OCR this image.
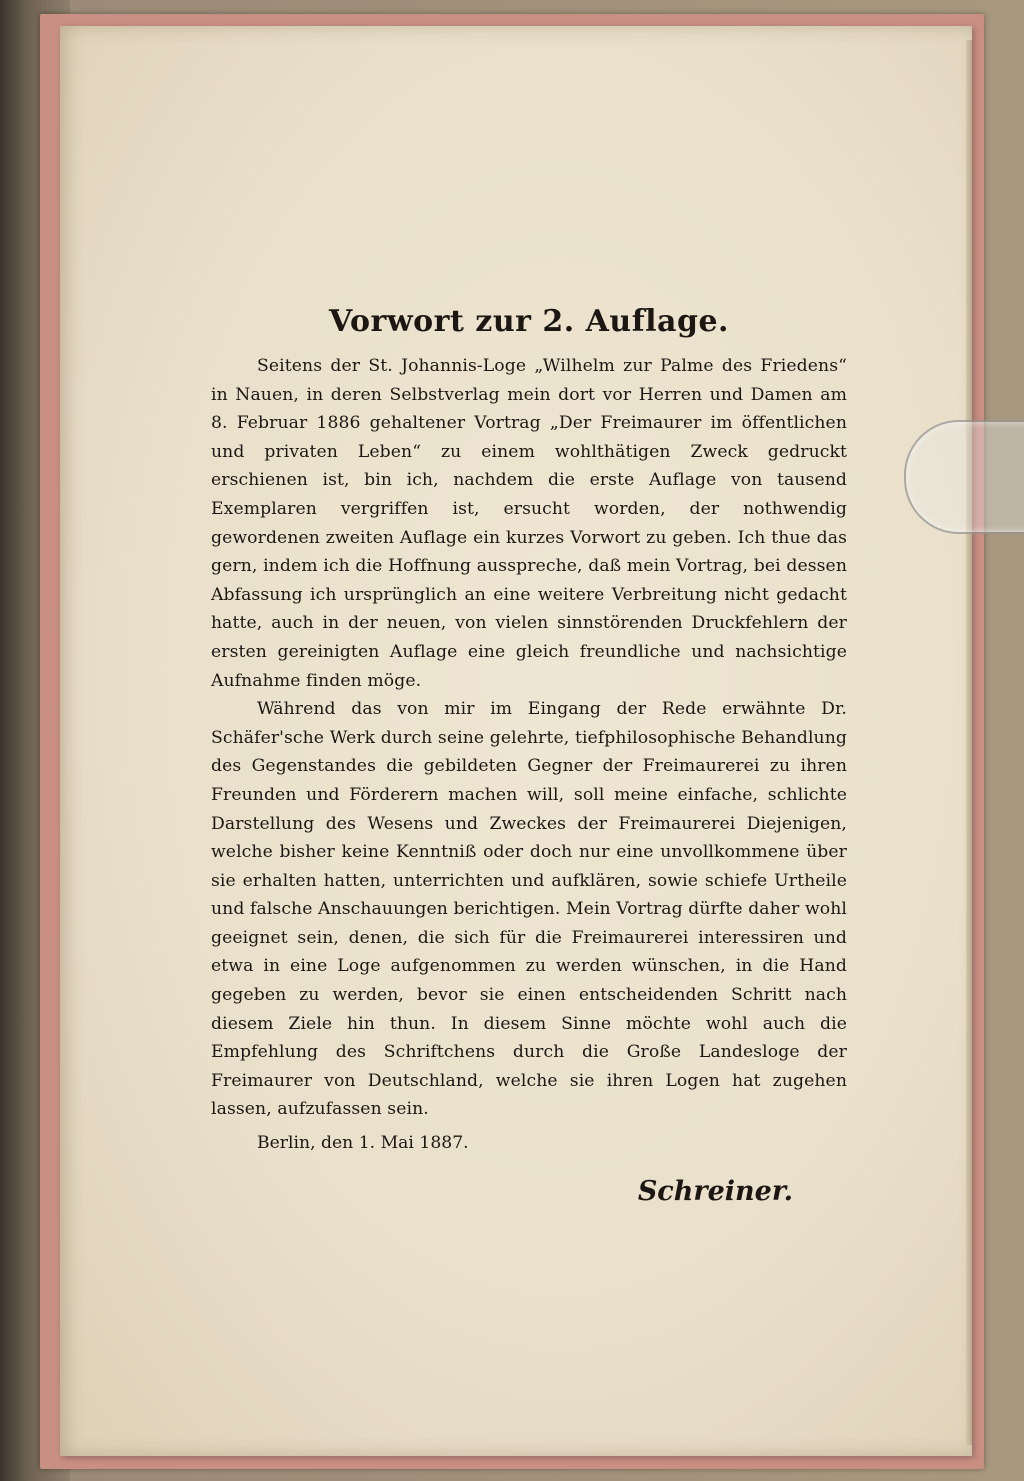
Vorwort zur 2. Auflage.

Seitens der St. Johannis-Loge „Wilhelm zur Palme des Friedens“ in Nauen, in deren Selbstverlag mein dort vor Herren und Damen am 8. Februar 1886 gehaltener Vortrag „Der Freimaurer im öffentlichen und privaten Leben“ zu einem wohlthätigen Zweck gedruckt erschienen ist, bin ich, nachdem die erste Auflage von tausend Exemplaren vergriffen ist, ersucht worden, der nothwendig gewordenen zweiten Auflage ein kurzes Vorwort zu geben. Ich thue das gern, indem ich die Hoffnung ausspreche, daß mein Vortrag, bei dessen Abfassung ich ursprünglich an eine weitere Verbreitung nicht gedacht hatte, auch in der neuen, von vielen sinnstörenden Druckfehlern der ersten gereinigten Auflage eine gleich freundliche und nachsichtige Aufnahme finden möge.

Während das von mir im Eingang der Rede erwähnte Dr. Schäfer'sche Werk durch seine gelehrte, tiefphilosophische Behandlung des Gegenstandes die gebildeten Gegner der Freimaurerei zu ihren Freunden und Förderern machen will, soll meine einfache, schlichte Darstellung des Wesens und Zweckes der Freimaurerei Diejenigen, welche bisher keine Kenntniß oder doch nur eine unvollkommene über sie erhalten hatten, unterrichten und aufklären, sowie schiefe Urtheile und falsche Anschauungen berichtigen. Mein Vortrag dürfte daher wohl geeignet sein, denen, die sich für die Freimaurerei interessiren und etwa in eine Loge aufgenommen zu werden wünschen, in die Hand gegeben zu werden, bevor sie einen entscheidenden Schritt nach diesem Ziele hin thun. In diesem Sinne möchte wohl auch die Empfehlung des Schriftchens durch die Große Landesloge der Freimaurer von Deutschland, welche sie ihren Logen hat zugehen lassen, aufzufassen sein.

Berlin, den 1. Mai 1887.

Schreiner.
